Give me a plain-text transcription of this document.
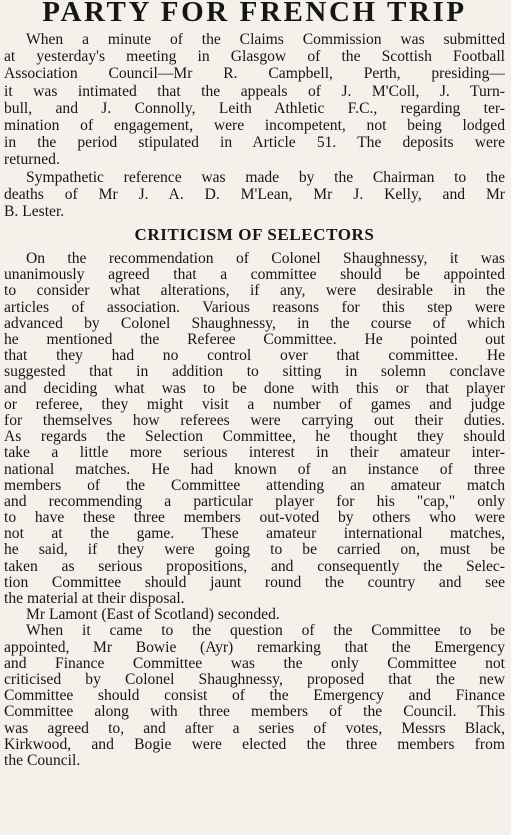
PARTY FOR FRENCH TRIP
When a minute of the Claims Commission was submitted
at yesterday's meeting in Glasgow of the Scottish Football
Association Council—Mr R. Campbell, Perth, presiding—
it was intimated that the appeals of J. M'Coll, J. Turn-
bull, and J. Connolly, Leith Athletic F.C., regarding ter-
mination of engagement, were incompetent, not being lodged
in the period stipulated in Article 51. The deposits were
returned.
Sympathetic reference was made by the Chairman to the
deaths of Mr J. A. D. M'Lean, Mr J. Kelly, and Mr
B. Lester.
CRITICISM OF SELECTORS
On the recommendation of Colonel Shaughnessy, it was
unanimously agreed that a committee should be appointed
to consider what alterations, if any, were desirable in the
articles of association. Various reasons for this step were
advanced by Colonel Shaughnessy, in the course of which
he mentioned the Referee Committee. He pointed out
that they had no control over that committee. He
suggested that in addition to sitting in solemn conclave
and deciding what was to be done with this or that player
or referee, they might visit a number of games and judge
for themselves how referees were carrying out their duties.
As regards the Selection Committee, he thought they should
take a little more serious interest in their amateur inter-
national matches. He had known of an instance of three
members of the Committee attending an amateur match
and recommending a particular player for his "cap," only
to have these three members out-voted by others who were
not at the game. These amateur international matches,
he said, if they were going to be carried on, must be
taken as serious propositions, and consequently the Selec-
tion Committee should jaunt round the country and see
the material at their disposal.
Mr Lamont (East of Scotland) seconded.
When it came to the question of the Committee to be
appointed, Mr Bowie (Ayr) remarking that the Emergency
and Finance Committee was the only Committee not
criticised by Colonel Shaughnessy, proposed that the new
Committee should consist of the Emergency and Finance
Committee along with three members of the Council. This
was agreed to, and after a series of votes, Messrs Black,
Kirkwood, and Bogie were elected the three members from
the Council.
